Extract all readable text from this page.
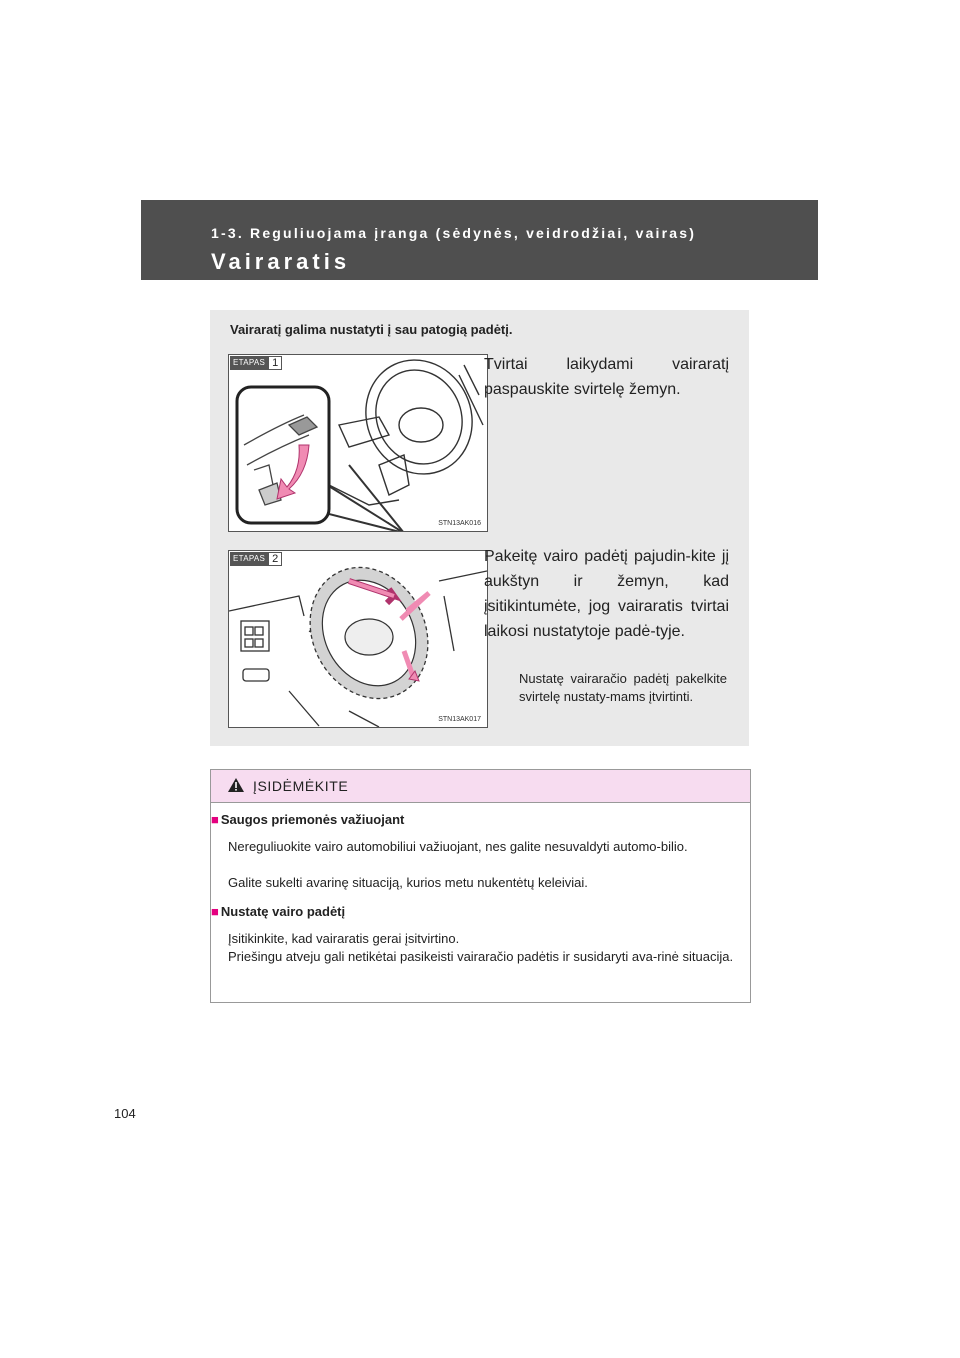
1-3. Reguliuojama įranga (sėdynės, veidrodžiai, vairas)
Vairaratis
Vairaratį galima nustatyti į sau patogią padėtį.
ETAPAS 1
STN13AK016
Tvirtai laikydami vairaratį paspauskite svirtelę žemyn.
ETAPAS 2
STN13AK017
Pakeitę vairo padėtį pajudin-kite jį aukštyn ir žemyn, kad įsitikintumėte, jog vairaratis tvirtai laikosi nustatytoje padė-tyje.
Nustatę vairaračio padėtį pakelkite svirtelę nustaty-mams įtvirtinti.
ĮSIDĖMĖKITE
■ Saugos priemonės važiuojant
Nereguliuokite vairo automobiliui važiuojant, nes galite nesuvaldyti automo-bilio.
Galite sukelti avarinę situaciją, kurios metu nukentėtų keleiviai.
■ Nustatę vairo padėtį
Įsitikinkite, kad vairaratis gerai įsitvirtino.
Priešingu atveju gali netikėtai pasikeisti vairaračio padėtis ir susidaryti ava-rinė situacija.
104
